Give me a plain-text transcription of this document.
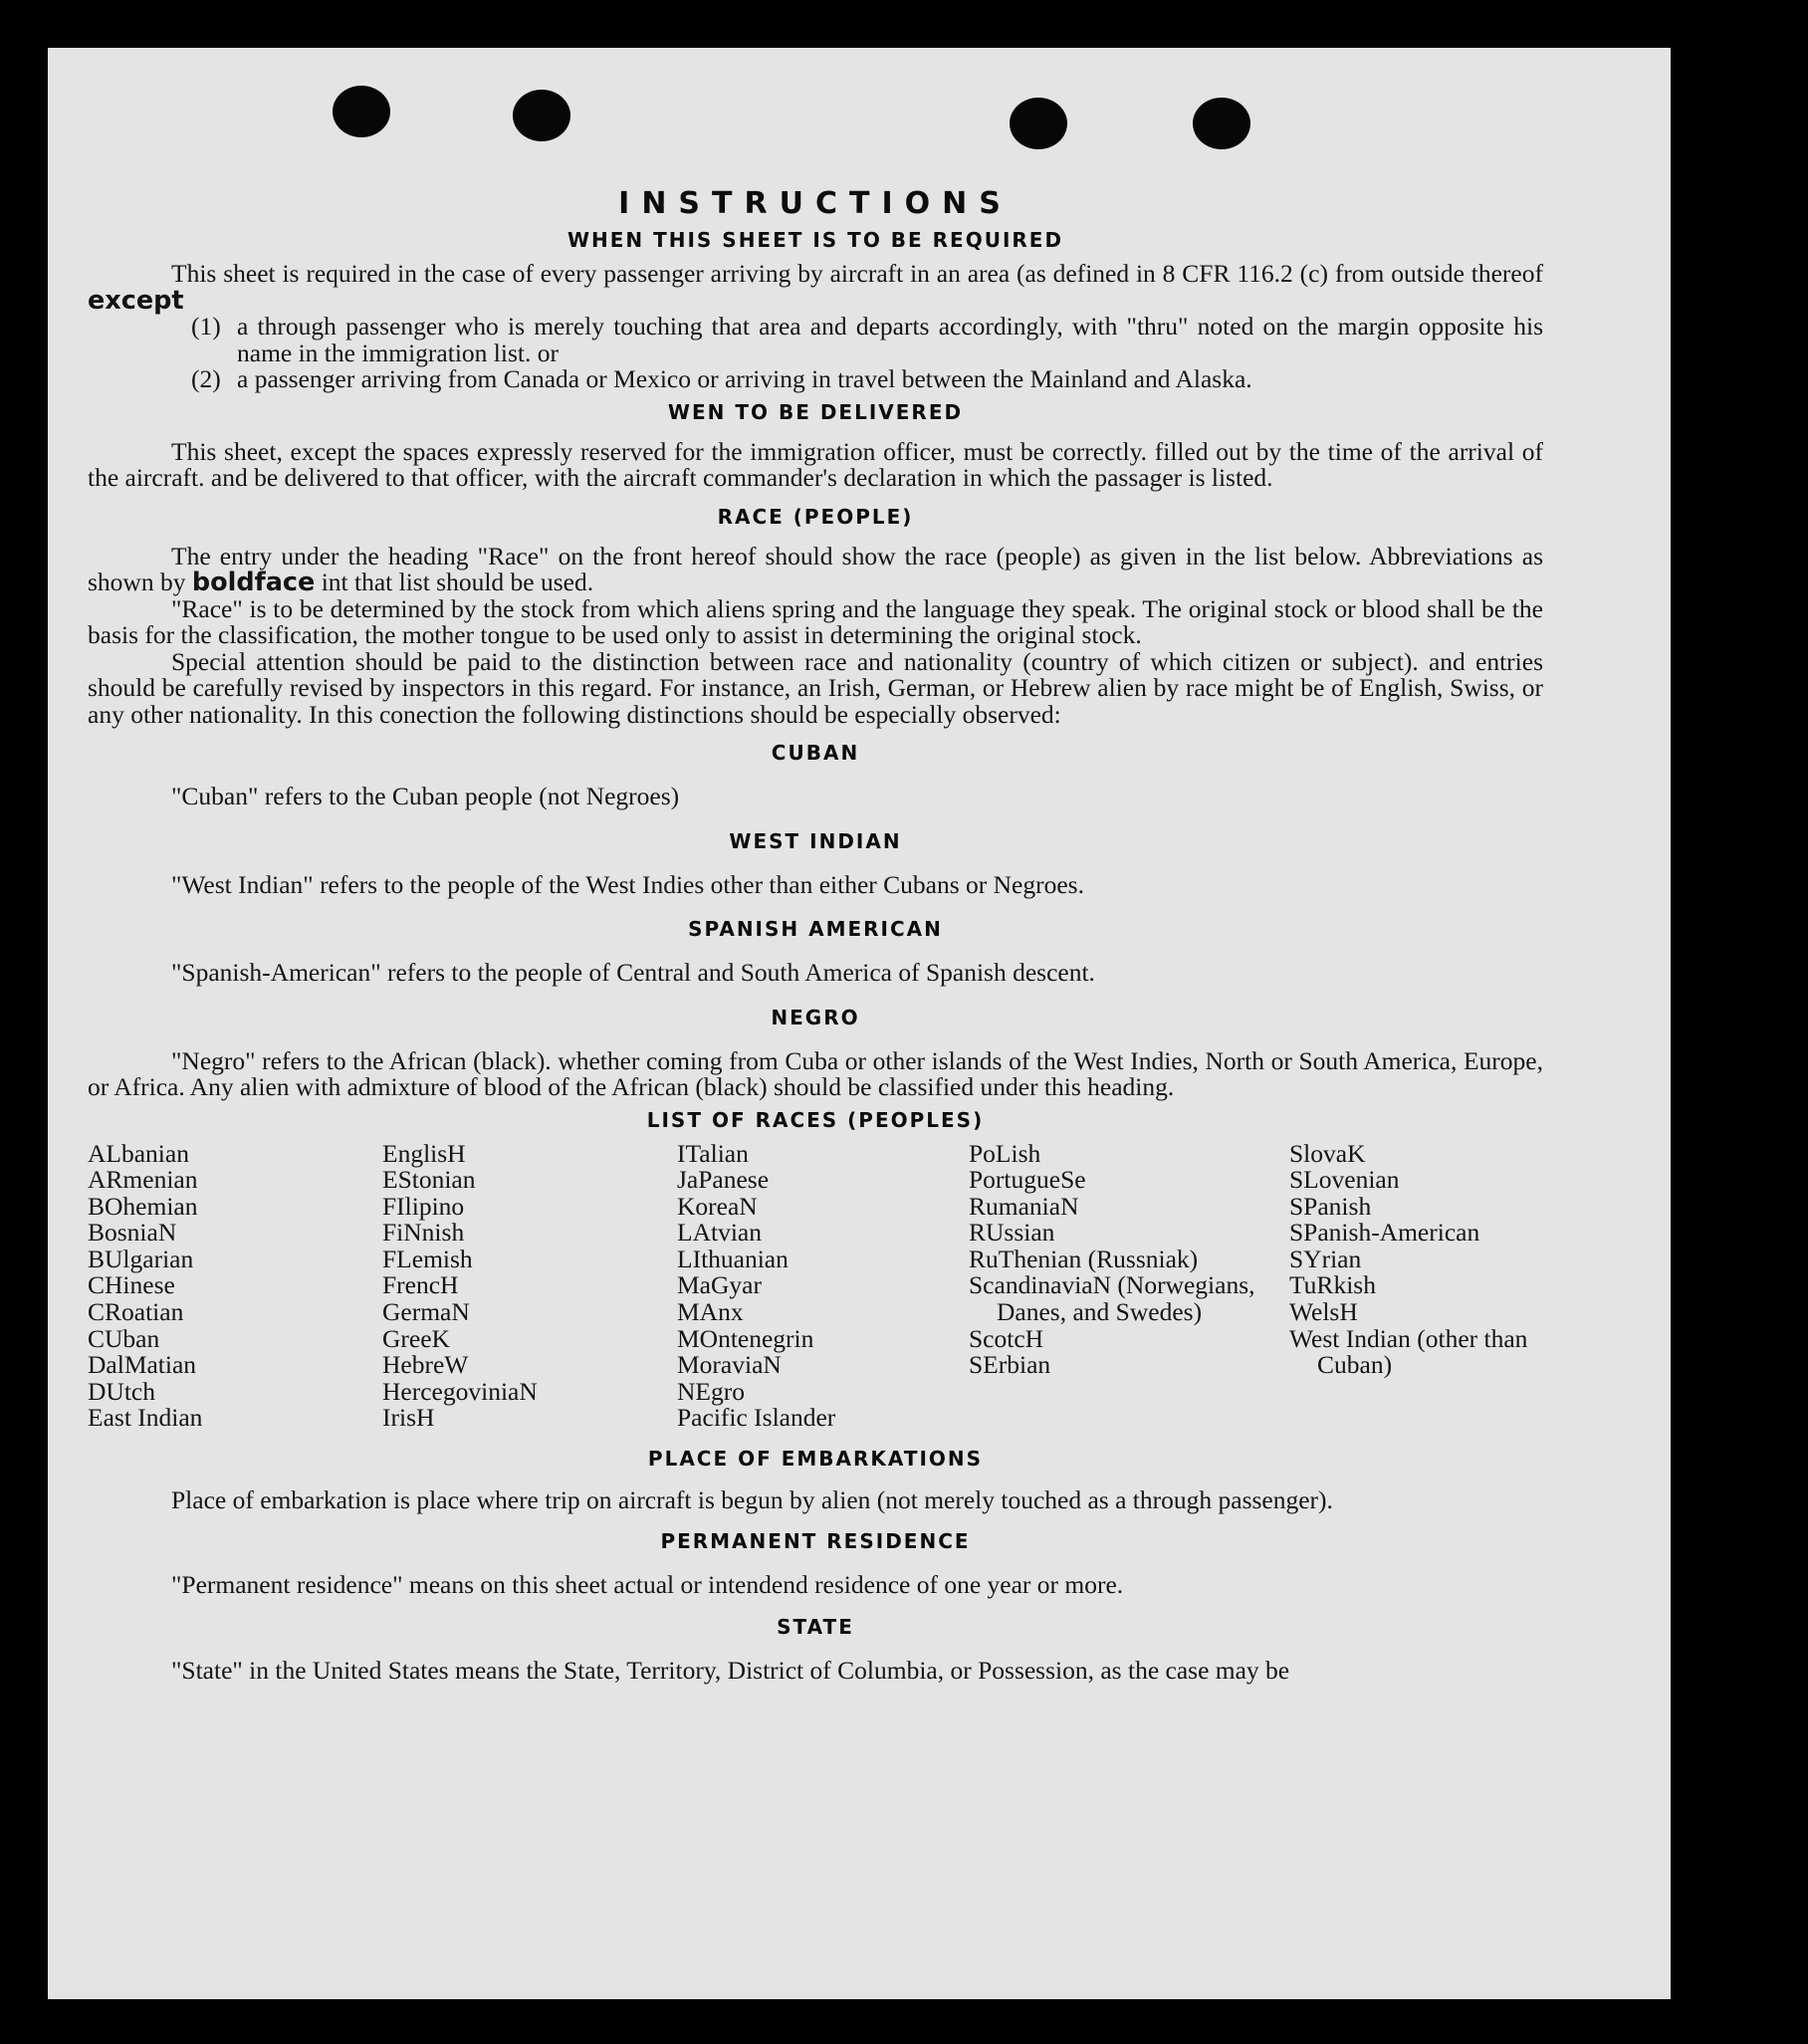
INSTRUCTIONS
WHEN THIS SHEET IS TO BE REQUIRED

This sheet is required in the case of every passenger arriving by aircraft in an area (as defined in 8 CFR 116.2 (c) from outside thereof except

(1) a through passenger who is merely touching that area and departs accordingly, with "thru" noted on the margin opposite his name in the immigration list. or
(2) a passenger arriving from Canada or Mexico or arriving in travel between the Mainland and Alaska.
WEN TO BE DELIVERED

This sheet, except the spaces expressly reserved for the immigration officer, must be correctly. filled out by the time of the arrival of the aircraft. and be delivered to that officer, with the aircraft commander's declaration in which the passager is listed.

RACE (PEOPLE)

The entry under the heading "Race" on the front hereof should show the race (people) as given in the list below. Abbreviations as shown by boldface int that list should be used.

"Race" is to be determined by the stock from which aliens spring and the language they speak. The original stock or blood shall be the basis for the classification, the mother tongue to be used only to assist in determining the original stock.

Special attention should be paid to the distinction between race and nationality (country of which citizen or subject). and entries should be carefully revised by inspectors in this regard. For instance, an Irish, German, or Hebrew alien by race might be of English, Swiss, or any other nationality. In this conection the following distinctions should be especially observed:

CUBAN

"Cuban" refers to the Cuban people (not Negroes)

WEST INDIAN

"West Indian" refers to the people of the West Indies other than either Cubans or Negroes.

SPANISH AMERICAN

"Spanish-American" refers to the people of Central and South America of Spanish descent.

NEGRO

"Negro" refers to the African (black). whether coming from Cuba or other islands of the West Indies, North or South America, Europe, or Africa. Any alien with admixture of blood of the African (black) should be classified under this heading.

LIST OF RACES (PEOPLES)
ALbanian
ARmenian
BOhemian
BosniaN
BUlgarian
CHinese
CRoatian
CUban
DalMatian
DUtch
East Indian
EnglisH
EStonian
FIlipino
FiNnish
FLemish
FrencH
GermaN
GreeK
HebreW
HercegoviniaN
IrisH
ITalian
JaPanese
KoreaN
LAtvian
LIthuanian
MaGyar
MAnx
MOntenegrin
MoraviaN
NEgro
Pacific Islander
PoLish
PortugueSe
RumaniaN
RUssian
RuThenian (Russniak)
ScandinaviaN (Norwegians, Danes, and Swedes)
ScotcH
SErbian
SlovaK
SLovenian
SPanish
SPanish-American
SYrian
TuRkish
WelsH
West Indian (other than Cuban)
PLACE OF EMBARKATIONS

Place of embarkation is place where trip on aircraft is begun by alien (not merely touched as a through passenger).

PERMANENT RESIDENCE

"Permanent residence" means on this sheet actual or intendend residence of one year or more.

STATE

"State" in the United States means the State, Territory, District of Columbia, or Possession, as the case may be
